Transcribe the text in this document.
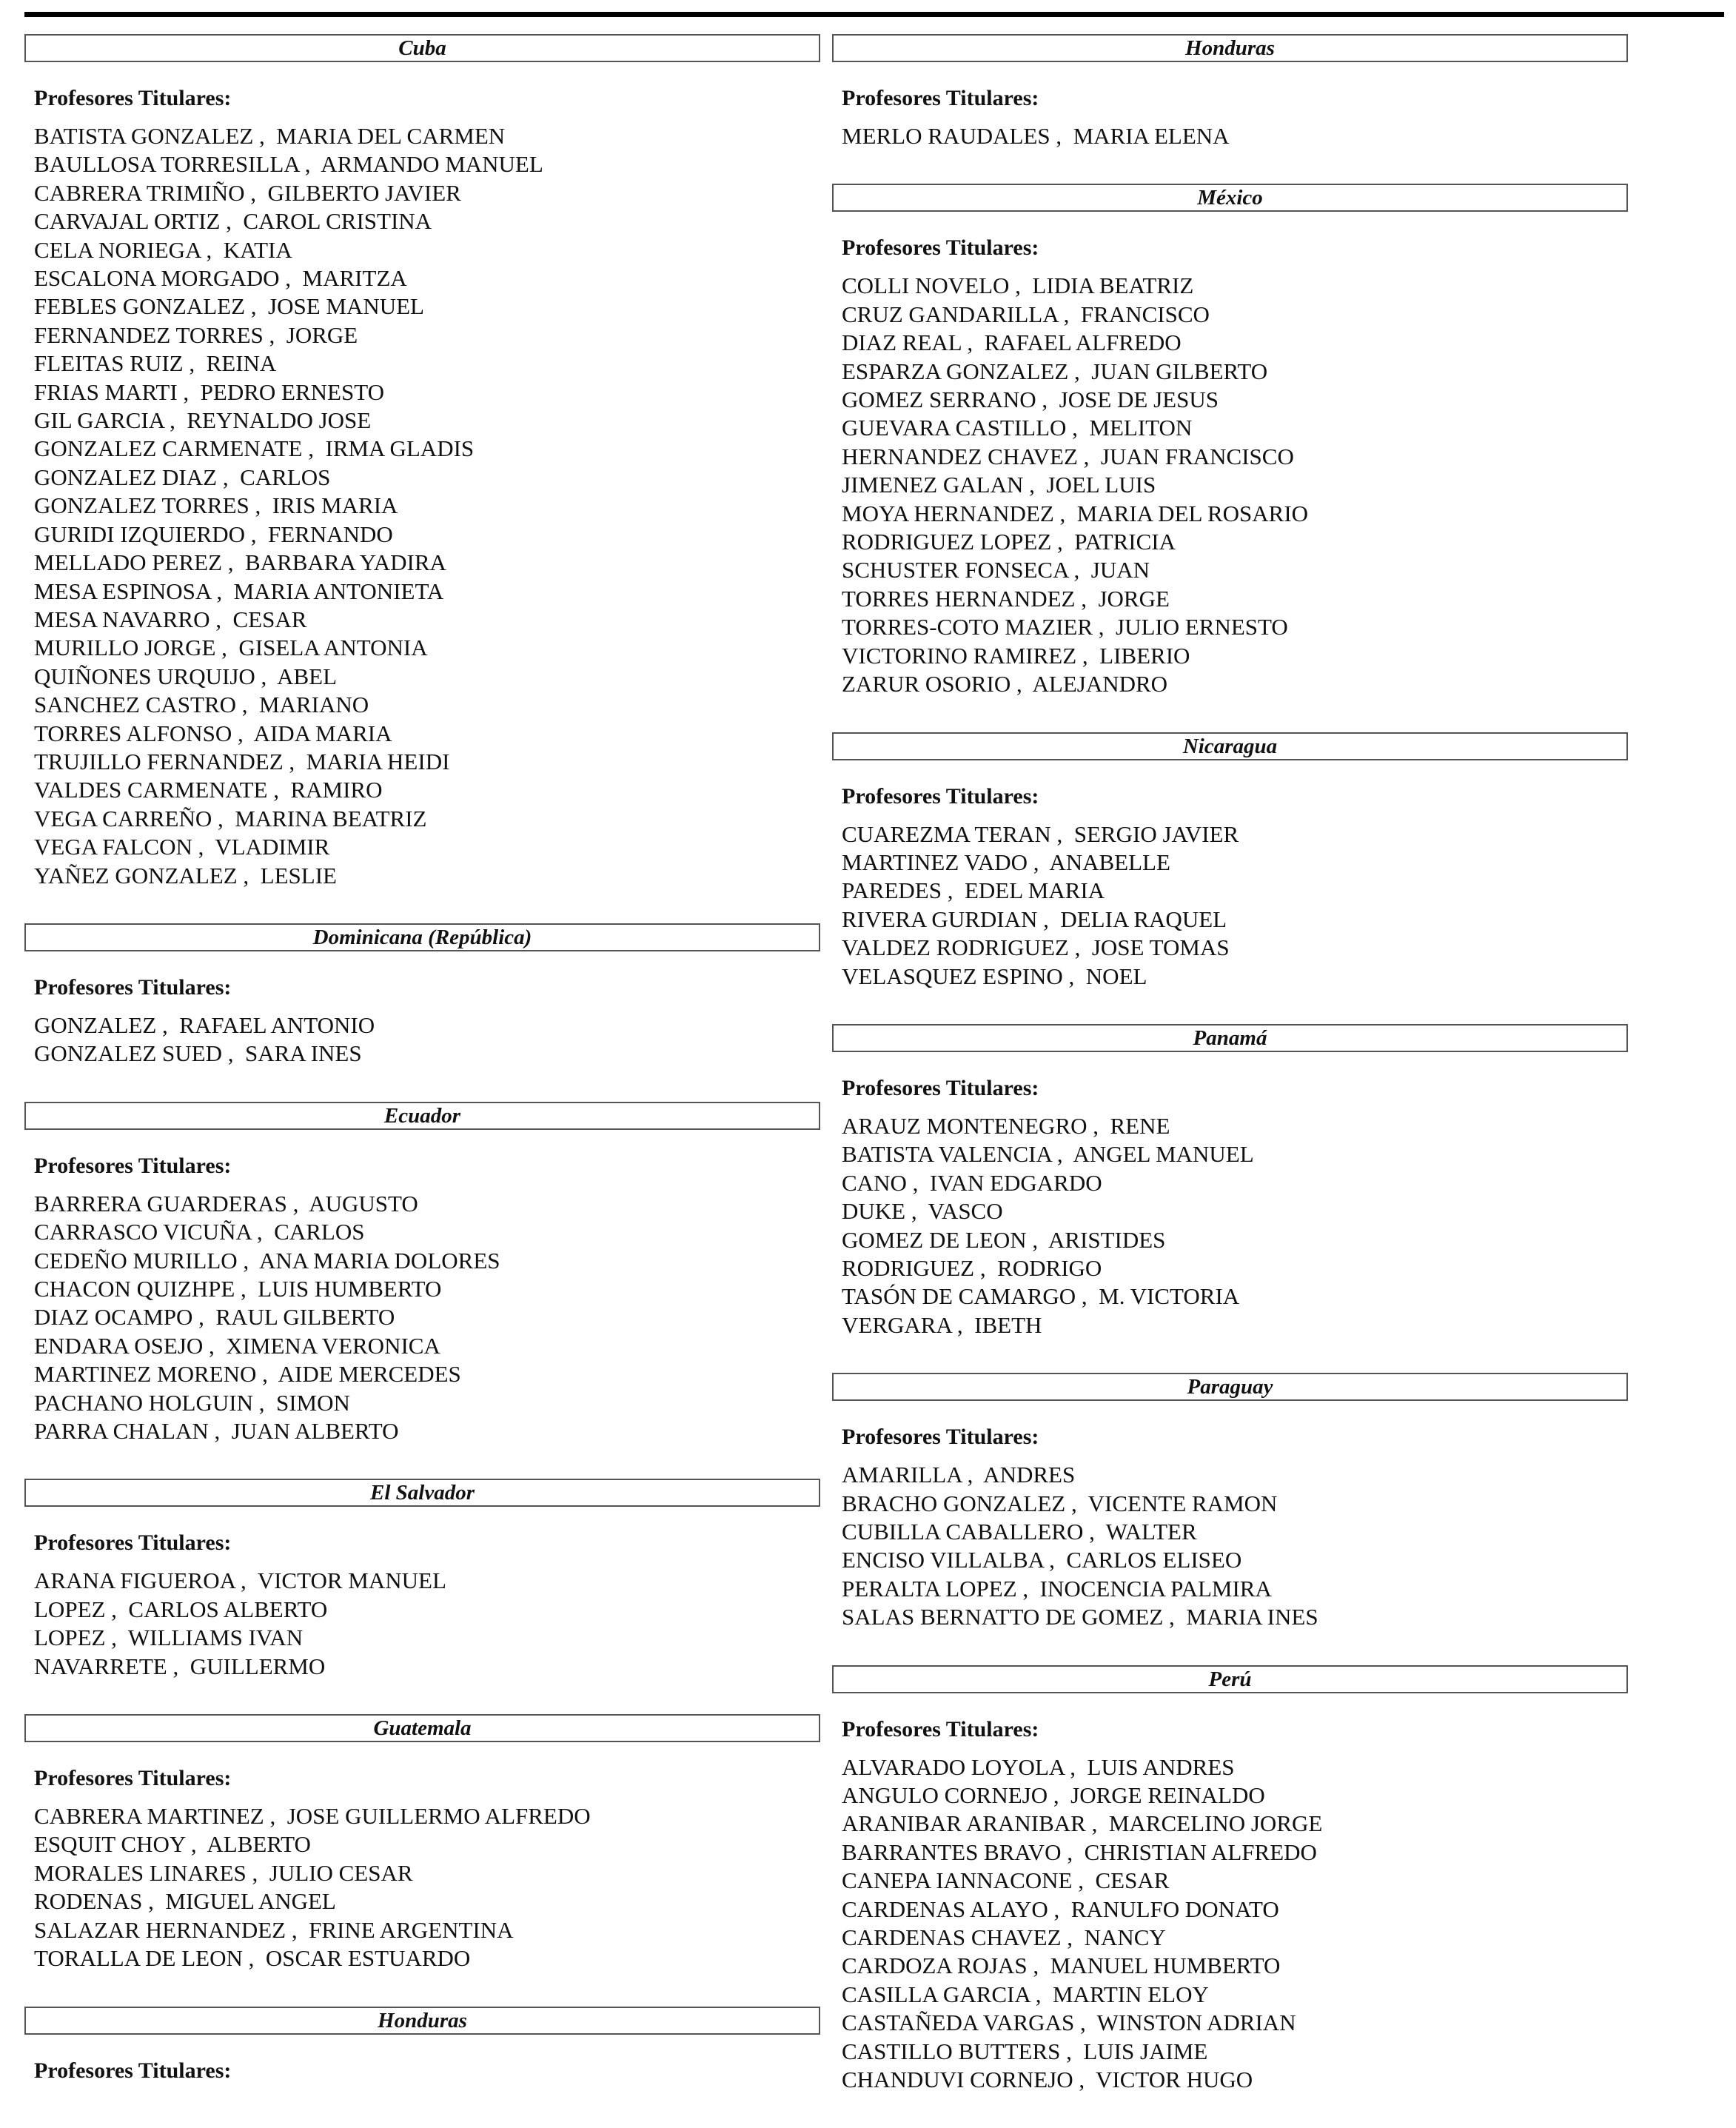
Cuba
Profesores Titulares:
BATISTA GONZALEZ ,  MARIA DEL CARMEN
BAULLOSA TORRESILLA ,  ARMANDO MANUEL
CABRERA TRIMIÑO ,  GILBERTO JAVIER
CARVAJAL ORTIZ ,  CAROL CRISTINA
CELA NORIEGA ,  KATIA
ESCALONA MORGADO ,  MARITZA
FEBLES GONZALEZ ,  JOSE MANUEL
FERNANDEZ TORRES ,  JORGE
FLEITAS RUIZ ,  REINA
FRIAS MARTI ,  PEDRO ERNESTO
GIL GARCIA ,  REYNALDO JOSE
GONZALEZ CARMENATE ,  IRMA GLADIS
GONZALEZ DIAZ ,  CARLOS
GONZALEZ TORRES ,  IRIS MARIA
GURIDI IZQUIERDO ,  FERNANDO
MELLADO PEREZ ,  BARBARA YADIRA
MESA ESPINOSA ,  MARIA ANTONIETA
MESA NAVARRO ,  CESAR
MURILLO JORGE ,  GISELA ANTONIA
QUIÑONES URQUIJO ,  ABEL
SANCHEZ CASTRO ,  MARIANO
TORRES ALFONSO ,  AIDA MARIA
TRUJILLO FERNANDEZ ,  MARIA HEIDI
VALDES CARMENATE ,  RAMIRO
VEGA CARREÑO ,  MARINA BEATRIZ
VEGA FALCON ,  VLADIMIR
YAÑEZ GONZALEZ ,  LESLIE
Dominicana (República)
Profesores Titulares:
GONZALEZ ,  RAFAEL ANTONIO
GONZALEZ SUED ,  SARA INES
Ecuador
Profesores Titulares:
BARRERA GUARDERAS ,  AUGUSTO
CARRASCO VICUÑA ,  CARLOS
CEDEÑO MURILLO ,  ANA MARIA DOLORES
CHACON QUIZHPE ,  LUIS HUMBERTO
DIAZ OCAMPO ,  RAUL GILBERTO
ENDARA OSEJO ,  XIMENA VERONICA
MARTINEZ MORENO ,  AIDE MERCEDES
PACHANO HOLGUIN ,  SIMON
PARRA CHALAN ,  JUAN ALBERTO
El Salvador
Profesores Titulares:
ARANA FIGUEROA ,  VICTOR MANUEL
LOPEZ ,  CARLOS ALBERTO
LOPEZ ,  WILLIAMS IVAN
NAVARRETE ,  GUILLERMO
Guatemala
Profesores Titulares:
CABRERA MARTINEZ ,  JOSE GUILLERMO ALFREDO
ESQUIT CHOY ,  ALBERTO
MORALES LINARES ,  JULIO CESAR
RODENAS ,  MIGUEL ANGEL
SALAZAR HERNANDEZ ,  FRINE ARGENTINA
TORALLA DE LEON ,  OSCAR ESTUARDO
Honduras
Profesores Titulares:
Honduras
Profesores Titulares:
MERLO RAUDALES ,  MARIA ELENA
México
Profesores Titulares:
COLLI NOVELO ,  LIDIA BEATRIZ
CRUZ GANDARILLA ,  FRANCISCO
DIAZ REAL ,  RAFAEL ALFREDO
ESPARZA GONZALEZ ,  JUAN GILBERTO
GOMEZ SERRANO ,  JOSE DE JESUS
GUEVARA CASTILLO ,  MELITON
HERNANDEZ CHAVEZ ,  JUAN FRANCISCO
JIMENEZ GALAN ,  JOEL LUIS
MOYA HERNANDEZ ,  MARIA DEL ROSARIO
RODRIGUEZ LOPEZ ,  PATRICIA
SCHUSTER FONSECA ,  JUAN
TORRES HERNANDEZ ,  JORGE
TORRES-COTO MAZIER ,  JULIO ERNESTO
VICTORINO RAMIREZ ,  LIBERIO
ZARUR OSORIO ,  ALEJANDRO
Nicaragua
Profesores Titulares:
CUAREZMA TERAN ,  SERGIO JAVIER
MARTINEZ VADO ,  ANABELLE
PAREDES ,  EDEL MARIA
RIVERA GURDIAN ,  DELIA RAQUEL
VALDEZ RODRIGUEZ ,  JOSE TOMAS
VELASQUEZ ESPINO ,  NOEL
Panamá
Profesores Titulares:
ARAUZ MONTENEGRO ,  RENE
BATISTA VALENCIA ,  ANGEL MANUEL
CANO ,  IVAN EDGARDO
DUKE ,  VASCO
GOMEZ DE LEON ,  ARISTIDES
RODRIGUEZ ,  RODRIGO
TASÓN DE CAMARGO ,  M. VICTORIA
VERGARA ,  IBETH
Paraguay
Profesores Titulares:
AMARILLA ,  ANDRES
BRACHO GONZALEZ ,  VICENTE RAMON
CUBILLA CABALLERO ,  WALTER
ENCISO VILLALBA ,  CARLOS ELISEO
PERALTA LOPEZ ,  INOCENCIA PALMIRA
SALAS BERNATTO DE GOMEZ ,  MARIA INES
Perú
Profesores Titulares:
ALVARADO LOYOLA ,  LUIS ANDRES
ANGULO CORNEJO ,  JORGE REINALDO
ARANIBAR ARANIBAR ,  MARCELINO JORGE
BARRANTES BRAVO ,  CHRISTIAN ALFREDO
CANEPA IANNACONE ,  CESAR
CARDENAS ALAYO ,  RANULFO DONATO
CARDENAS CHAVEZ ,  NANCY
CARDOZA ROJAS ,  MANUEL HUMBERTO
CASILLA GARCIA ,  MARTIN ELOY
CASTAÑEDA VARGAS ,  WINSTON ADRIAN
CASTILLO BUTTERS ,  LUIS JAIME
CHANDUVI CORNEJO ,  VICTOR HUGO
